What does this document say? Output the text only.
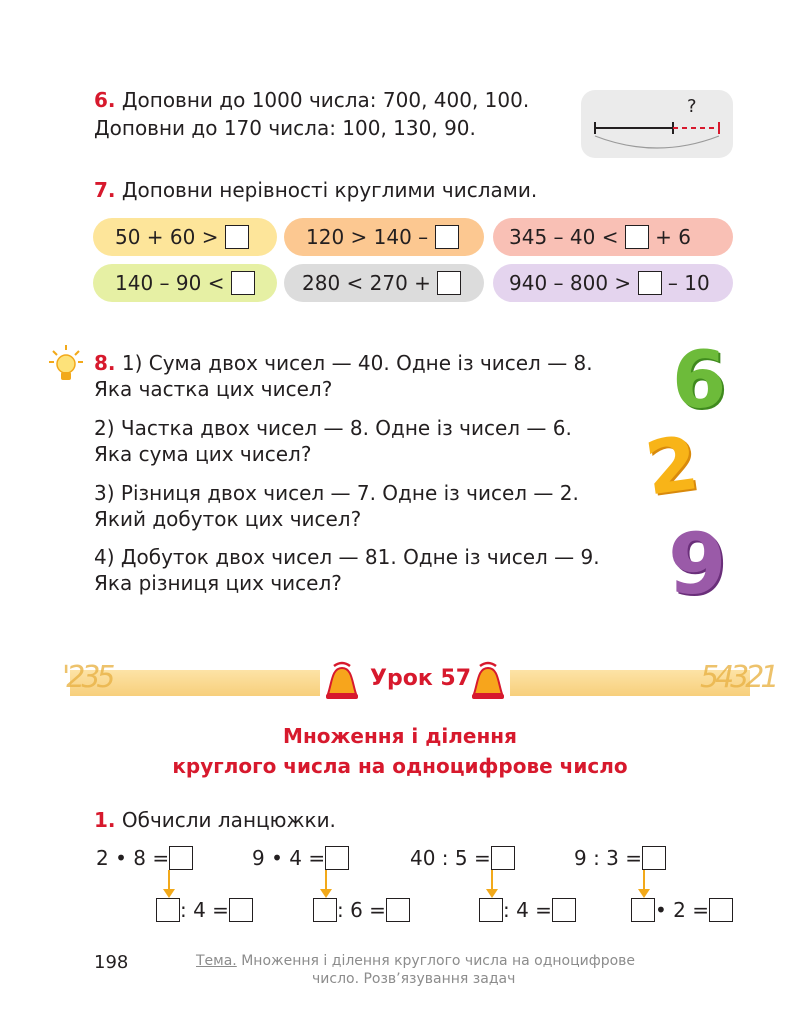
6. Доповни до 1000 числа: 700, 400, 100.
Доповни до 170 числа: 100, 130, 90.
?
7. Доповни нерівності круглими числами.
50 + 60 >	120 > 140 –	345 – 40 < + 6
140 – 90 <	280 < 270 +	940 – 800 > – 10
8. 1) Сума двох чисел — 40. Одне із чисел — 8.
Яка частка цих чисел?
2) Частка двох чисел — 8. Одне із чисел — 6.
Яка сума цих чисел?
3) Різниця двох чисел — 7. Одне із чисел — 2.
Який добуток цих чисел?
4) Добуток двох чисел — 81. Одне із чисел — 9.
Яка різниця цих чисел?
6
2
9
'235	54321
Урок 57
Множення і ділення
круглого числа на одноцифрове число
1. Обчисли ланцюжки.
2 • 8 =
: 4 =
9 • 4 =
: 6 =
40 : 5 =
: 4 =
9 : 3 =
• 2 =
198	Тема. Множення і ділення круглого числа на одноцифрове
число. Розв’язування задач
